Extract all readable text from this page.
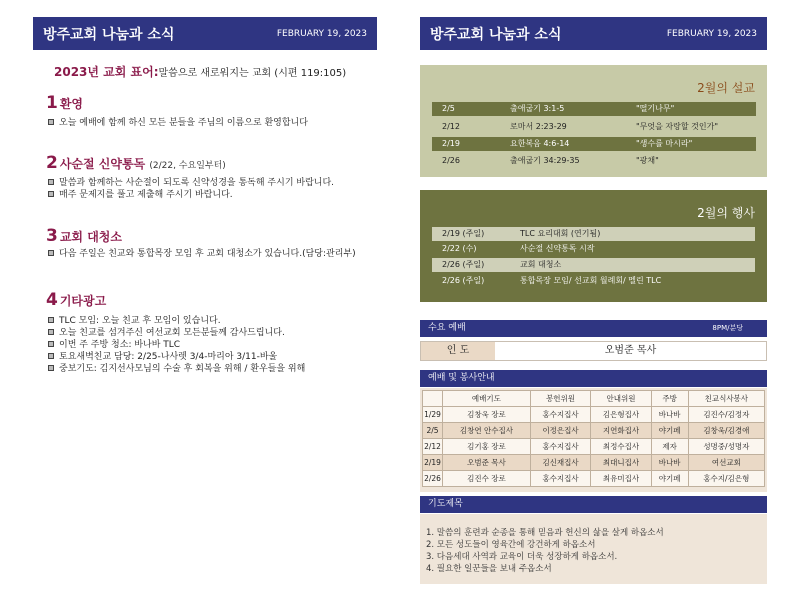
방주교회 나눔과 소식	FEBRUARY 19, 2023
2023년 교회 표어:말씀으로 새로워지는 교회 (시편 119:105)
1 환영
오늘 예배에 함께 하신 모든 분들을 주님의 이름으로 환영합니다
2 사순절 신약통독 (2/22, 수요일부터)
말씀과 함께하는 사순절이 되도록 신약성경을 통독해 주시기 바랍니다.
매주 문제지를 풀고 제출해 주시기 바랍니다.
3 교회 대청소
다음 주일은 친교와 통합목장 모임 후 교회 대청소가 있습니다.(담당:관리부)
4 기타광고
TLC 모임: 오늘 친교 후 모임이 있습니다.
오늘 친교를 섬겨주신 여선교회 모든분들께 감사드립니다.
이번 주 주방 청소: 바나바 TLC
토요새벽친교 담당: 2/25-나사렛 3/4-마리아 3/11-바울
중보기도: 김지선사모님의 수술 후 회복을 위해 / 환우들을 위해
방주교회 나눔과 소식	FEBRUARY 19, 2023
2월의 설교
2/5	출애굽기 3:1-5	"떨기나무"
2/12	로마서 2:23-29	"무엇을 자랑할 것인가"
2/19	요한복음 4:6-14	"생수를 마시라"
2/26	출애굽기 34:29-35	"광채"
2월의 행사
2/19 (주일)	TLC 요리대회 (연기됨)
2/22 (수)	사순절 신약통독 시작
2/26 (주일)	교회 대청소
2/26 (주일)	통합목장 모임/ 선교회 월례회/ 멜린 TLC
수요 예배	8PM/분당
인 도	오범준 목사
예배 및 봉사안내
	예배기도	봉헌위원	안내위원	주방	친교식사봉사
1/29	김창욱 장로	홍수지집사	김은형집사	바나바	김진수/김정자
2/5	김창연 안수집사	이정은집사	지연화집사	야기페	김창욱/김경애
2/12	김기홍 장로	홍수지집사	최정수집사	제자	성명중/성명자
2/19	오범준 목사	김신재집사	최대니집사	바나바	여선교회
2/26	김진수 장로	홍수지집사	최유미집사	야기페	홍수지/김은형
기도제목
1. 말씀의 훈련과 순종을 통해 믿음과 헌신의 삶을 살게 하옵소서
2. 모든 성도들이 영육간에 강건하게 하옵소서
3. 다음세대 사역과 교육이 더욱 성장하게 하옵소서.
4. 필요한 일꾼들을 보내 주옵소서
